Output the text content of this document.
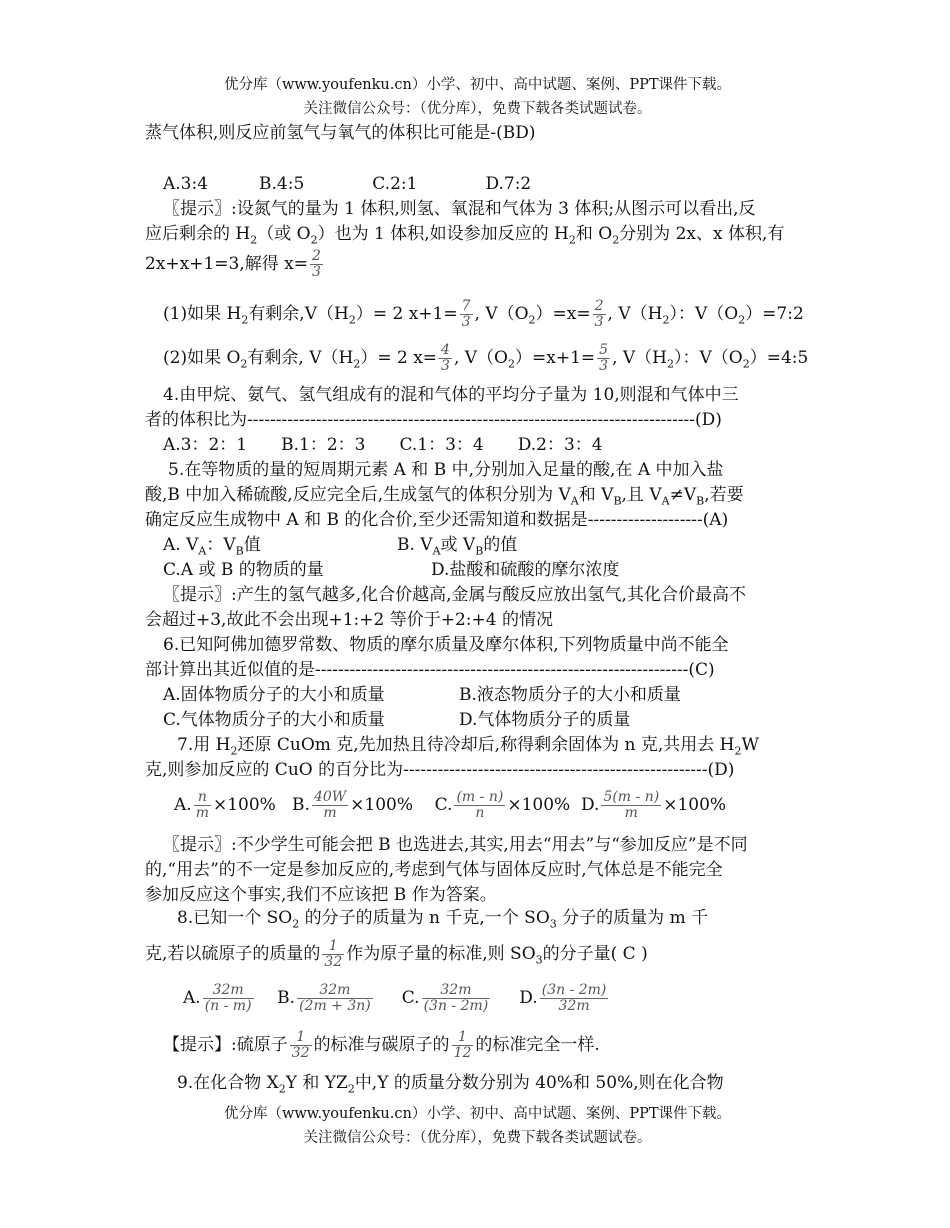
优分库（www.youfenku.cn）小学、初中、高中试题、案例、PPT课件下载。
关注微信公众号：（优分库），免费下载各类试题试卷。
蒸气体积,则反应前氢气与氧气的体积比可能是-(BD)
A.3:4　　　B.4:5　　　　C.2:1　　　　D.7:2
〖提示〗:设氮气的量为 1 体积,则氢、氧混和气体为 3 体积;从图示可以看出,反
应后剩余的 $H_2$（或 $O_2$）也为 1 体积,如设参加反应的 $H_2$和 $O_2$分别为 2x、x 体积,有
2x+x+1=3,解得 $x= \frac{2}{3}$
(1)如果 $H_2$有剩余$,V(H_2)= 2$ $x+1= \frac{7}{3}$ , $V(O_2)=x= \frac{2}{3}$ , $V(H_2)$：$V(O_2)=7:2$
(2)如果 $O_2$有剩余, $V(H_2)= 2$ $x= \frac{4}{3}$ , $V(O_2)=x+1= \frac{5}{3}$ , $V(H_2)$：$V(O_2)=4:5$
4.由甲烷、氨气、氢气组成有的混和气体的平均分子量为 10,则混和气体中三
者的体积比为------------------------------------------------------------------------------(D)
A.3：2：1　　B.1：2：3　　C.1：3：4　　D.2：3：4
5.在等物质的量的短周期元素 A 和 B 中,分别加入足量的酸,在 A 中加入盐
酸,B 中加入稀硫酸,反应完全后,生成氢气的体积分别为 $V_A$和 $V_B$,且 $V_A\ne V_B$,若要
确定反应生成物中 A 和 B 的化合价,至少还需知道和数据是--------------------(A)
A. $V_A$：$V_B$值	B. $V_A$或 $V_B$的值
C.A 或 B 的物质的量	D.盐酸和硫酸的摩尔浓度
〖提示〗:产生的氢气越多,化合价越高,金属与酸反应放出氢气,其化合价最高不
会超过+3,故此不会出现+1:+2 等价于+2:+4 的情况
6.已知阿佛加德罗常数、物质的摩尔质量及摩尔体积,下列物质量中尚不能全
部计算出其近似值的是-----------------------------------------------------------------(C)
A.固体物质分子的大小和质量	B.液态物质分子的大小和质量
C.气体物质分子的大小和质量	D.气体物质分子的质量
7.用 $H_2$还原 CuOm 克,先加热且待冷却后,称得剩余固体为 n 克,共用去 $H_2W$
克,则参加反应的 CuO 的百分比为-----------------------------------------------------(D)
A. $\frac{n}{m} \times 100\%$ B. $\frac{40W}{m} \times 100\%$ C. $\frac{(m - n)}{n} \times 100\%$ D. $\frac{5(m - n)}{m} \times 100\%$
〖提示〗:不少学生可能会把 B 也选进去,其实,用去“用去”与“参加反应”是不同
的,“用去”的不一定是参加反应的,考虑到气体与固体反应时,气体总是不能完全
参加反应这个事实,我们不应该把 B 作为答案。
8.已知一个 $SO_2$ 的分子的质量为 n 千克,一个 $SO_3$ 分子的质量为 m 千
克,若以硫原子的质量的 $\frac{1}{32}$ 作为原子量的标准,则 $SO_3$的分子量( C )
A. $\frac{32m}{(n - m)} B$. $\frac{32m}{(2m + 3n)} C$. $\frac{32m}{(3n - 2m)} D$. $\frac{(3n - 2m)}{32m}$
【提示】:硫原子 $\frac{1}{32}$ 的标准与碳原子的 $\frac{1}{12}$ 的标准完全一样.
9.在化合物 $X_2Y$ 和 $YZ_2$中,Y 的质量分数分别为 40%和 50%,则在化合物
优分库（www.youfenku.cn）小学、初中、高中试题、案例、PPT课件下载。
关注微信公众号：（优分库），免费下载各类试题试卷。
